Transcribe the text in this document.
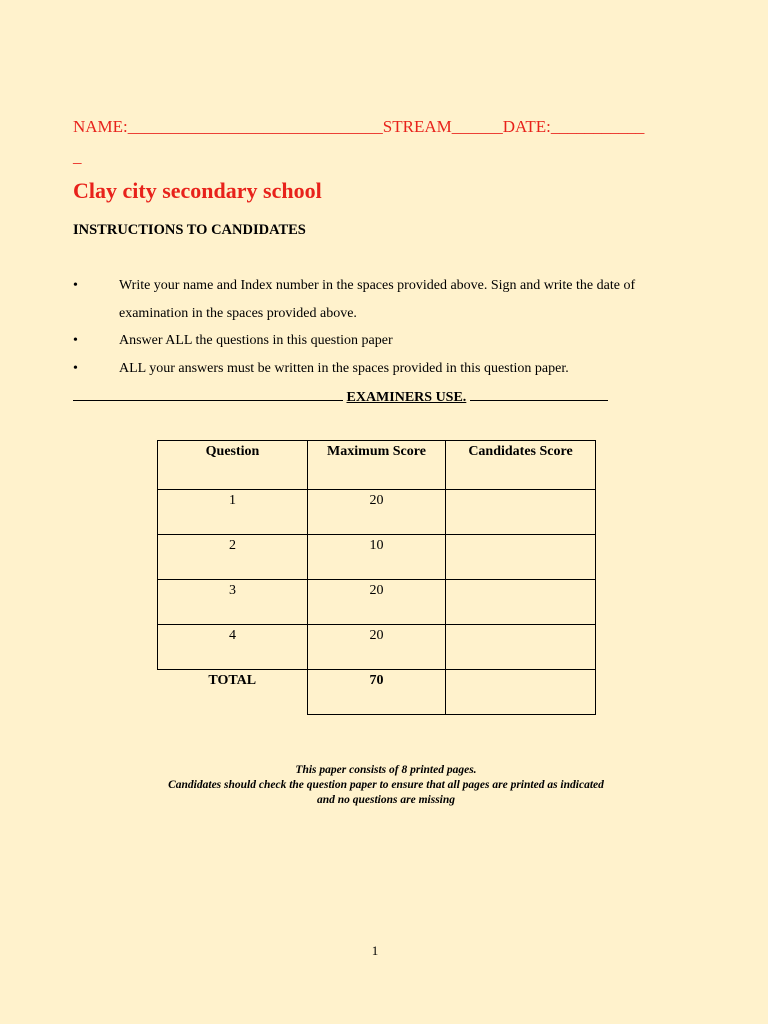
NAME:______________________________STREAM______DATE:___________
_
Clay city secondary school
INSTRUCTIONS TO CANDIDATES
•	Write your name and Index number in the spaces provided above. Sign and write the date of examination in the spaces provided above.
•	Answer ALL the questions in this question paper
•	ALL your answers must be written in the spaces provided in this question paper.
EXAMINERS USE.
Question	Maximum Score	Candidates Score
1	20	
2	10	
3	20	
4	20	
TOTAL	70	
This paper consists of 8 printed pages.
Candidates should check the question paper to ensure that all pages are printed as indicated
and no questions are missing
1
